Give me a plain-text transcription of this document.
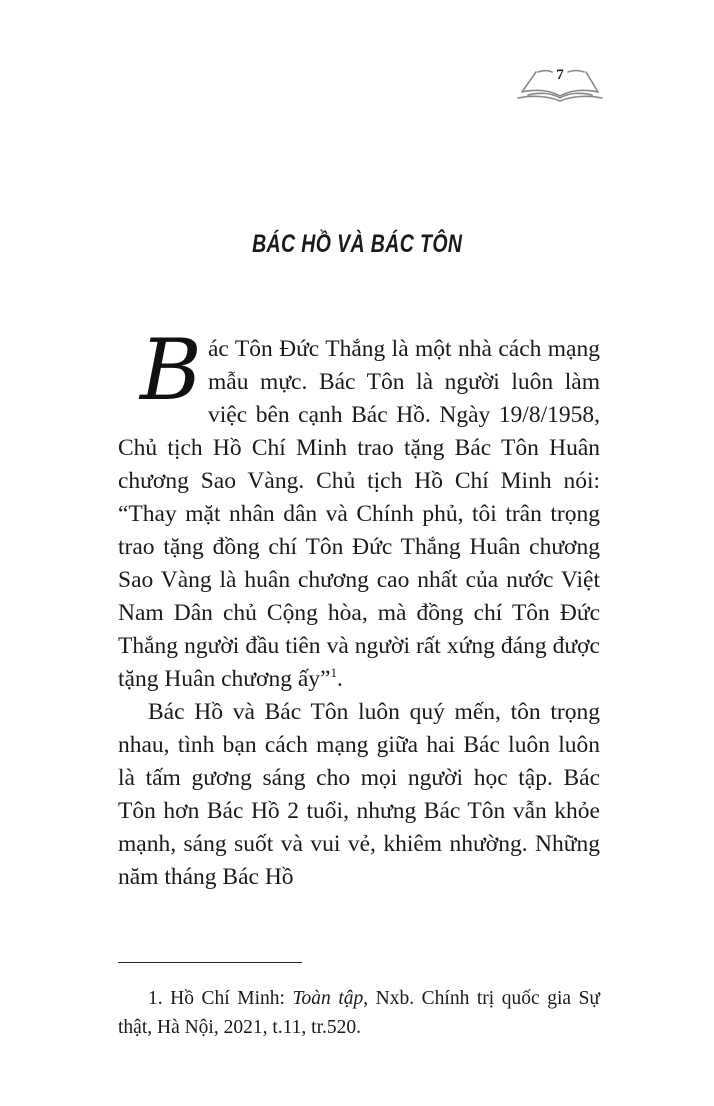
7
BÁC HỒ VÀ BÁC TÔN

Bác Tôn Đức Thắng là một nhà cách mạng mẫu mực. Bác Tôn là người luôn làm việc bên cạnh Bác Hồ. Ngày 19/8/1958, Chủ tịch Hồ Chí Minh trao tặng Bác Tôn Huân chương Sao Vàng. Chủ tịch Hồ Chí Minh nói: “Thay mặt nhân dân và Chính phủ, tôi trân trọng trao tặng đồng chí Tôn Đức Thắng Huân chương Sao Vàng là huân chương cao nhất của nước Việt Nam Dân chủ Cộng hòa, mà đồng chí Tôn Đức Thắng người đầu tiên và người rất xứng đáng được tặng Huân chương ấy”$^1$.

Bác Hồ và Bác Tôn luôn quý mến, tôn trọng nhau, tình bạn cách mạng giữa hai Bác luôn luôn là tấm gương sáng cho mọi người học tập. Bác Tôn hơn Bác Hồ 2 tuổi, nhưng Bác Tôn vẫn khỏe mạnh, sáng suốt và vui vẻ, khiêm nhường. Những năm tháng Bác Hồ

1. Hồ Chí Minh: Toàn tập, Nxb. Chính trị quốc gia Sự thật, Hà Nội, 2021, t.11, tr.520.
